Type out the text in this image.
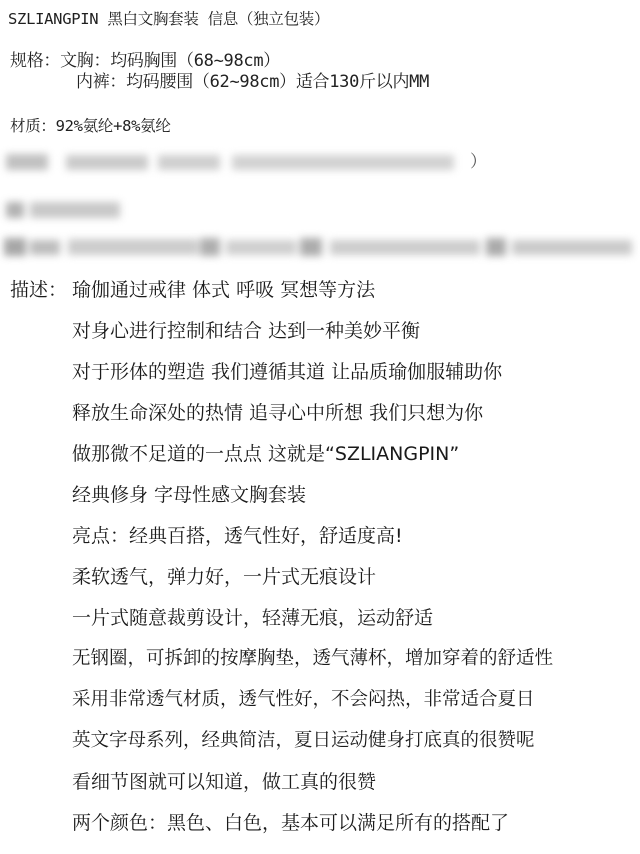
SZLIANGPIN 黑白文胸套装 信息（独立包装）
规格：文胸：均码胸围（68~98cm）
内裤：均码腰围（62~98cm）适合130斤以内MM
材质：92%氨纶+8%氨纶
）
描述： 瑜伽通过戒律 体式 呼吸 冥想等方法
对身心进行控制和结合 达到一种美妙平衡
对于形体的塑造 我们遵循其道 让品质瑜伽服辅助你
释放生命深处的热情 追寻心中所想 我们只想为你
做那微不足道的一点点 这就是“SZLIANGPIN”
经典修身 字母性感文胸套装
亮点：经典百搭，透气性好，舒适度高!
柔软透气，弹力好，一片式无痕设计
一片式随意裁剪设计，轻薄无痕，运动舒适
无钢圈，可拆卸的按摩胸垫，透气薄杯，增加穿着的舒适性
采用非常透气材质，透气性好，不会闷热，非常适合夏日
英文字母系列，经典简洁，夏日运动健身打底真的很赞呢
看细节图就可以知道，做工真的很赞
两个颜色：黑色、白色，基本可以满足所有的搭配了
